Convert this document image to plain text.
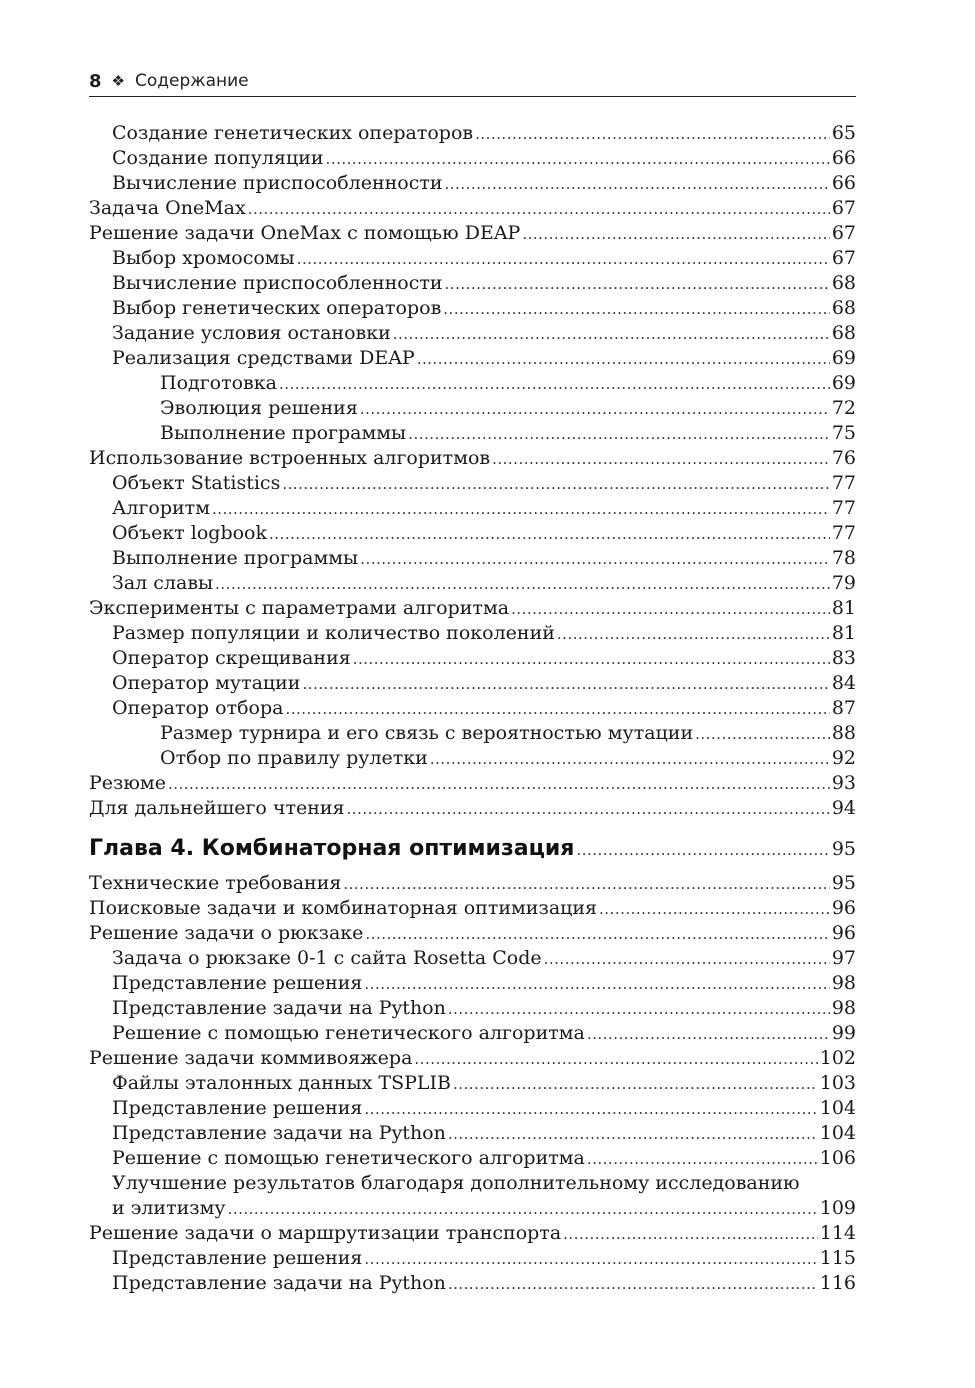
8 ❖ Содержание
Создание генетических операторов .....	65
Создание популяции .....	66
Вычисление приспособленности .....	66
Задача OneMax .....	67
Решение задачи OneMax с помощью DEAP .....	67
Выбор хромосомы .....	67
Вычисление приспособленности .....	68
Выбор генетических операторов .....	68
Задание условия остановки .....	68
Реализация средствами DEAP .....	69
Подготовка .....	69
Эволюция решения .....	72
Выполнение программы .....	75
Использование встроенных алгоритмов .....	76
Объект Statistics .....	77
Алгоритм .....	77
Объект logbook .....	77
Выполнение программы .....	78
Зал славы .....	79
Эксперименты с параметрами алгоритма .....	81
Размер популяции и количество поколений .....	81
Оператор скрещивания .....	83
Оператор мутации .....	84
Оператор отбора .....	87
Размер турнира и его связь с вероятностью мутации .....	88
Отбор по правилу рулетки .....	92
Резюме .....	93
Для дальнейшего чтения .....	94
Глава 4. Комбинаторная оптимизация .....	95
Технические требования .....	95
Поисковые задачи и комбинаторная оптимизация .....	96
Решение задачи о рюкзаке .....	96
Задача о рюкзаке 0-1 с сайта Rosetta Code .....	97
Представление решения .....	98
Представление задачи на Python .....	98
Решение с помощью генетического алгоритма .....	99
Решение задачи коммивояжера .....	102
Файлы эталонных данных TSPLIB .....	103
Представление решения .....	104
Представление задачи на Python .....	104
Решение с помощью генетического алгоритма .....	106
Улучшение результатов благодаря дополнительному исследованию
и элитизму .....	109
Решение задачи о маршрутизации транспорта .....	114
Представление решения .....	115
Представление задачи на Python .....	116
